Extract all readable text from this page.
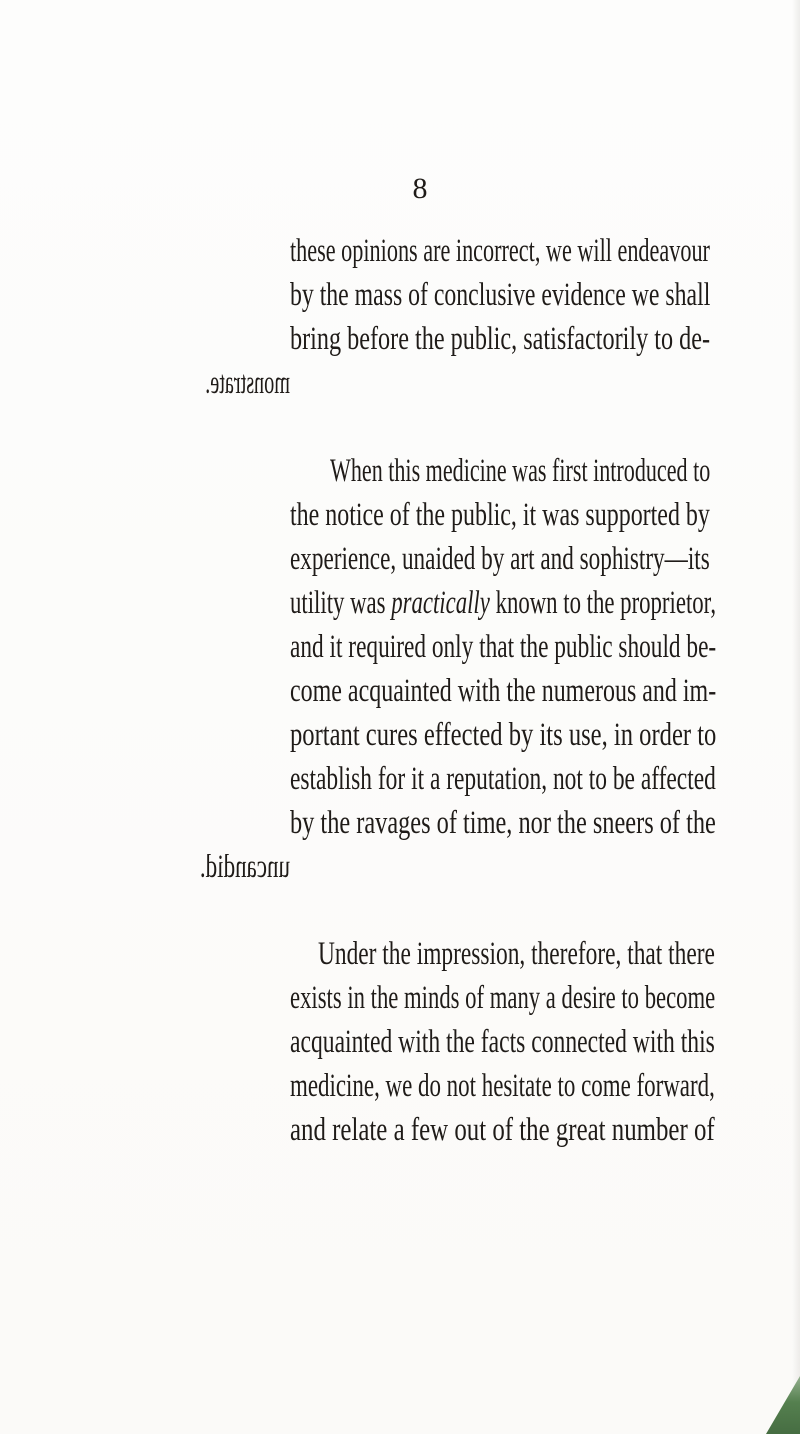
8
these opinions are incorrect, we will endeavour
by the mass of conclusive evidence we shall
bring before the public, satisfactorily to de-
monstrate.
When this medicine was first introduced to
the notice of the public, it was supported by
experience, unaided by art and sophistry—its
utility was practically known to the proprietor,
and it required only that the public should be-
come acquainted with the numerous and im-
portant cures effected by its use, in order to
establish for it a reputation, not to be affected
by the ravages of time, nor the sneers of the
uncandid.
Under the impression, therefore, that there
exists in the minds of many a desire to become
acquainted with the facts connected with this
medicine, we do not hesitate to come forward,
and relate a few out of the great number of
